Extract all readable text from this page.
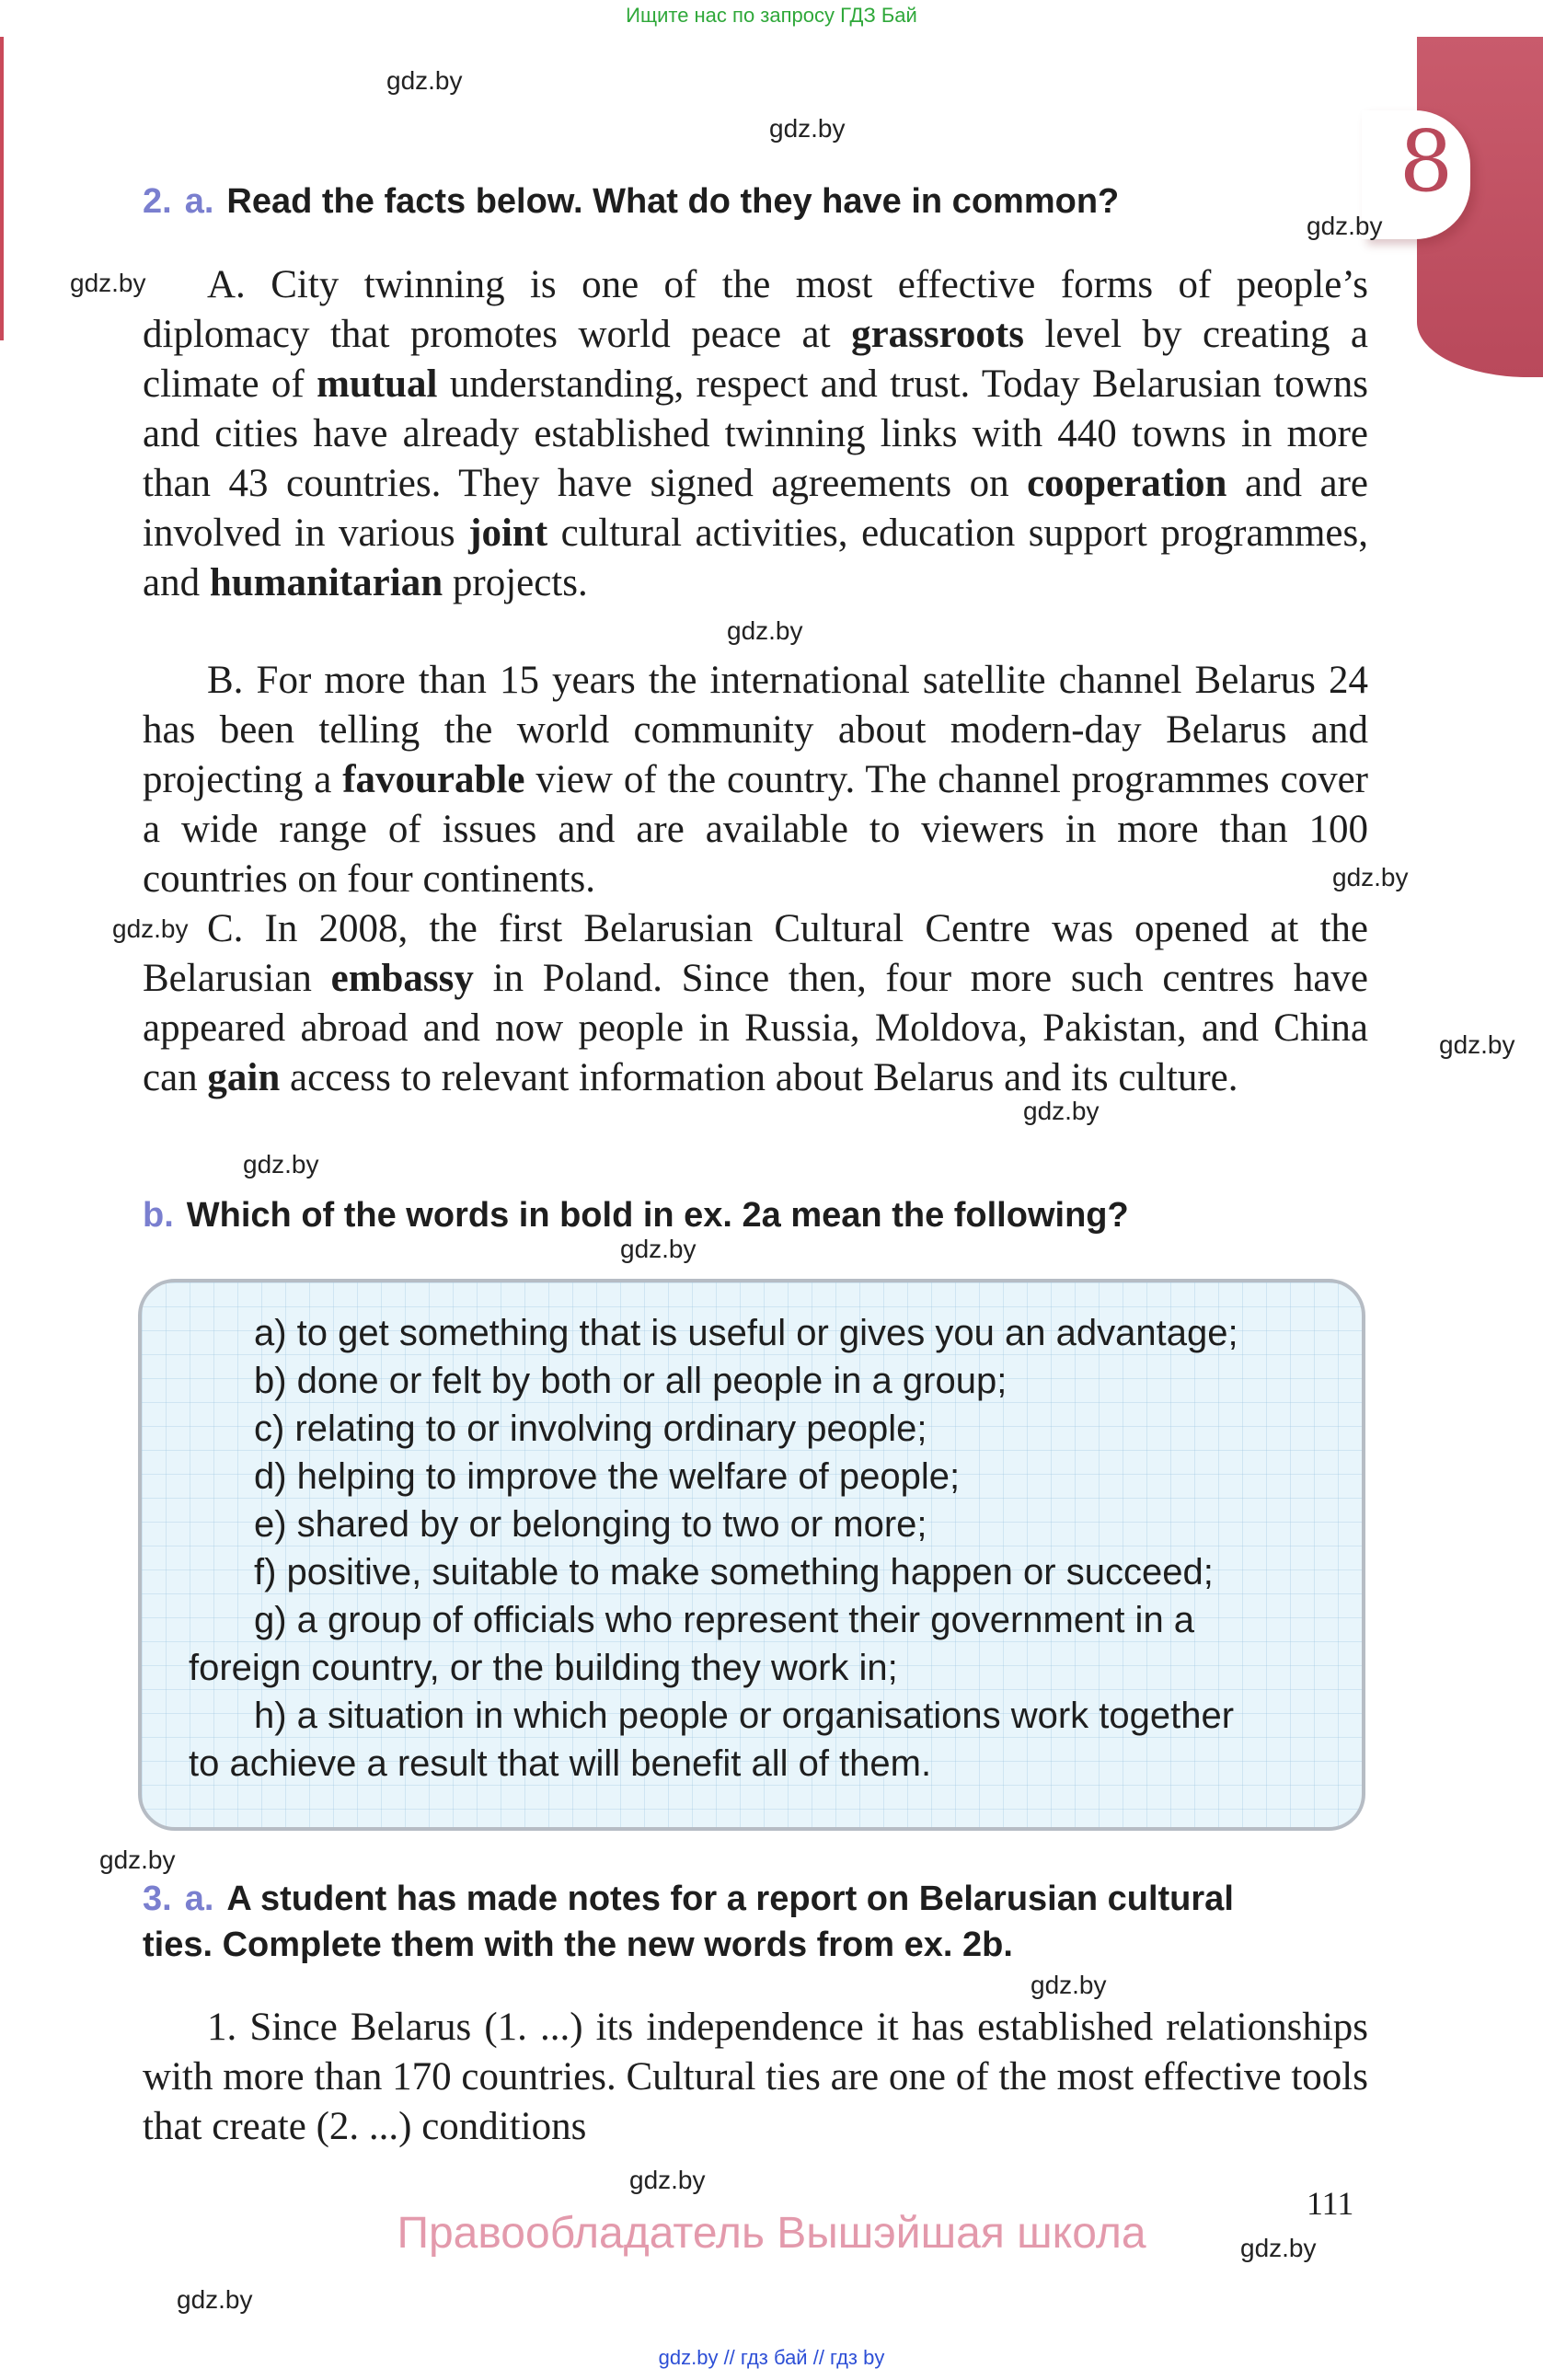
Ищите нас по запросу ГДЗ Бай
gdz.by // гдз бай // гдз by
8
gdz.by
gdz.by
gdz.by
gdz.by
gdz.by
gdz.by
gdz.by
gdz.by
gdz.by
gdz.by
gdz.by
gdz.by
gdz.by
gdz.by
gdz.by
gdz.by
2. a. Read the facts below. What do they have in common?
A. City twinning is one of the most effective forms of people’s diplomacy that promotes world peace at grassroots level by creating a climate of mutual understanding, respect and trust. Today Belarusian towns and cities have already established twinning links with 440 towns in more than 43 countries. They have signed agreements on cooperation and are involved in various joint cultural activities, education support programmes, and humanitarian projects.
B. For more than 15 years the international satellite channel Belarus 24 has been telling the world community about modern-day Belarus and projecting a favourable view of the country. The channel programmes cover a wide range of issues and are available to viewers in more than 100 countries on four continents.
C. In 2008, the first Belarusian Cultural Centre was opened at the Belarusian embassy in Poland. Since then, four more such centres have appeared abroad and now people in Russia, Moldova, Pakistan, and China can gain access to relevant information about Belarus and its culture.
b. Which of the words in bold in ex. 2a mean the following?
a) to get something that is useful or gives you an advantage;
b) done or felt by both or all people in a group;
c) relating to or involving ordinary people;
d) helping to improve the welfare of people;
e) shared by or belonging to two or more;
f) positive, suitable to make something happen or succeed;
g) a group of officials who represent their government in a
foreign country, or the building they work in;
h) a situation in which people or organisations work together
to achieve a result that will benefit all of them.
3. a. A student has made notes for a report on Belarusian cultural
ties. Complete them with the new words from ex. 2b.
1. Since Belarus (1. ...) its independence it has established relationships with more than 170 countries. Cultural ties are one of the most effective tools that create (2. ...) conditions
111
Правообладатель Вышэйшая школа
